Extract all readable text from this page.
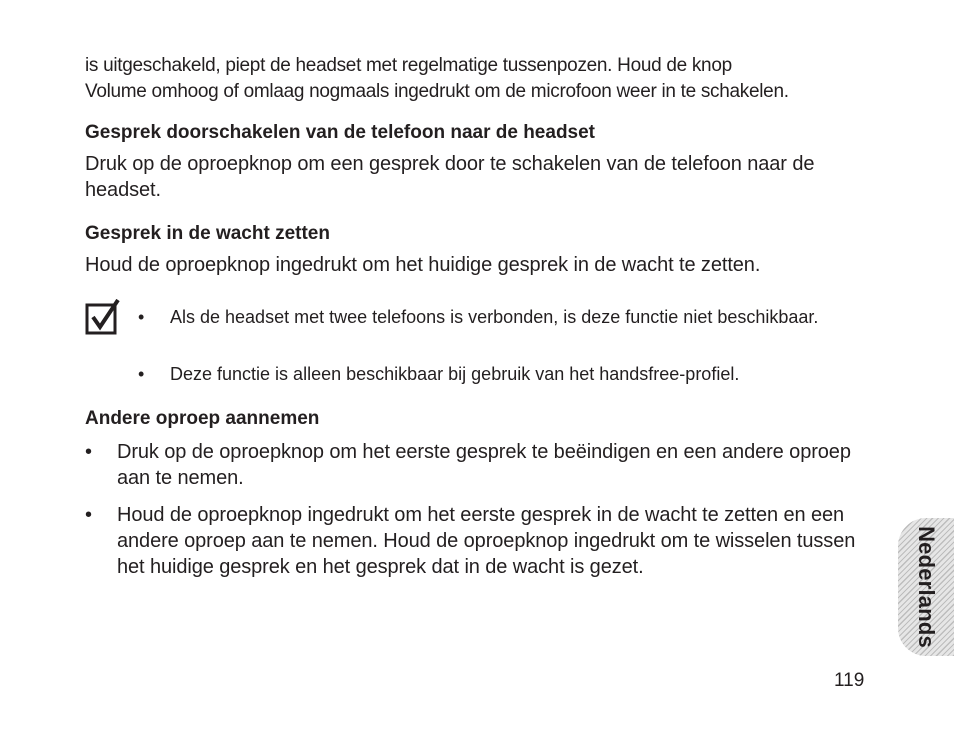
is uitgeschakeld, piept de headset met regelmatige tussenpozen. Houd de knop

Volume omhoog of omlaag nogmaals ingedrukt om de microfoon weer in te schakelen.

Gesprek doorschakelen van de telefoon naar de headset

Druk op de oproepknop om een gesprek door te schakelen van de telefoon naar de headset.

Gesprek in de wacht zetten

Houd de oproepknop ingedrukt om het huidige gesprek in de wacht te zetten.

•	Als de headset met twee telefoons is verbonden, is deze functie niet beschikbaar.

•	Deze functie is alleen beschikbaar bij gebruik van het handsfree-profiel.

Andere oproep aannemen

•	Druk op de oproepknop om het eerste gesprek te beëindigen en een andere oproep aan te nemen.

•	Houd de oproepknop ingedrukt om het eerste gesprek in de wacht te zetten en een andere oproep aan te nemen. Houd de oproepknop ingedrukt om te wisselen tussen het huidige gesprek en het gesprek dat in de wacht is gezet.	Nederlands
119
